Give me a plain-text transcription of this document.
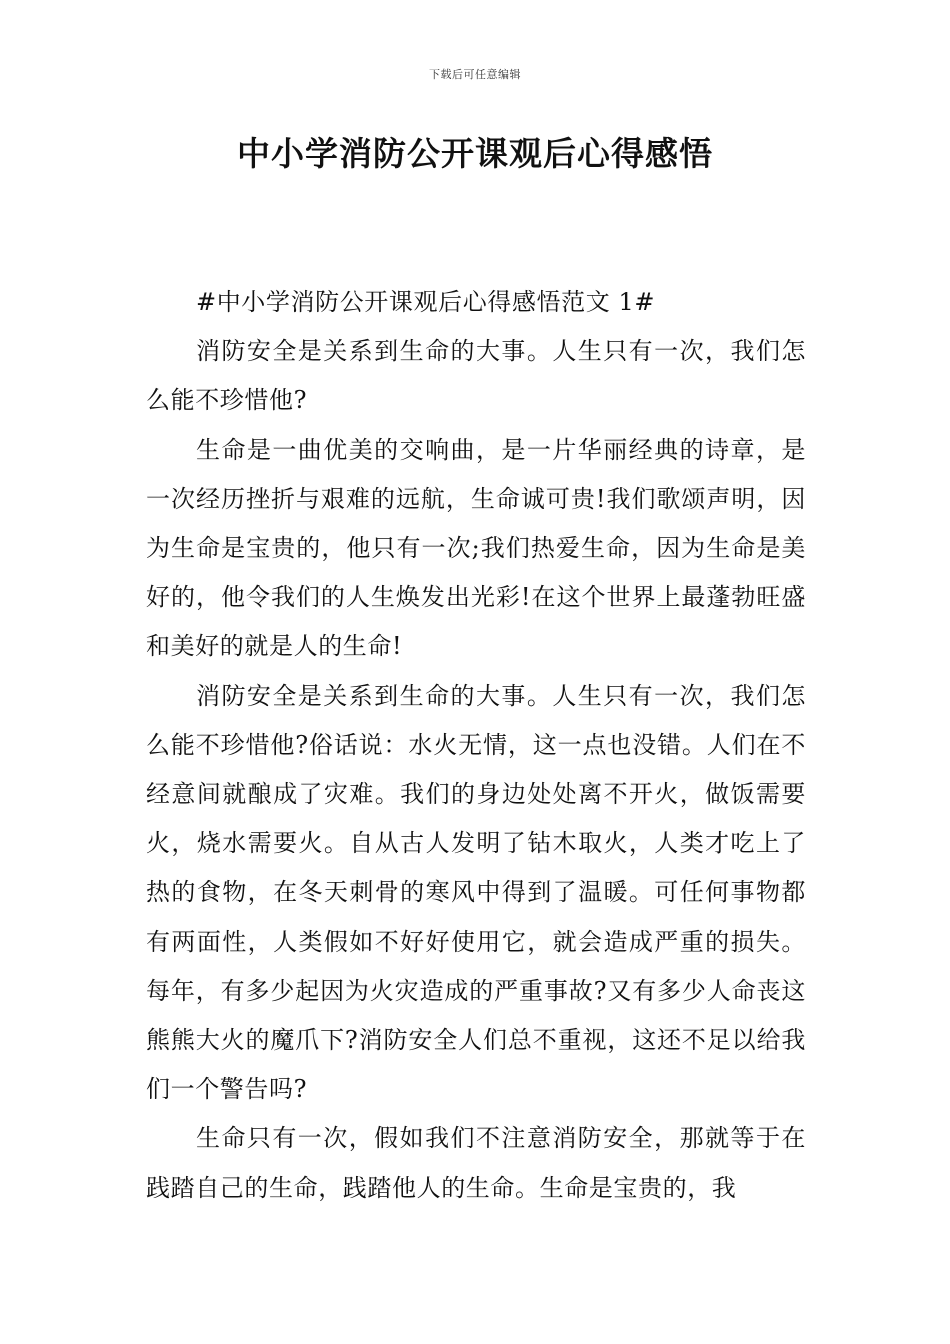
下载后可任意编辑
中小学消防公开课观后心得感悟

#中小学消防公开课观后心得感悟范文 1#

消防安全是关系到生命的大事。人生只有一次，我们怎么能不珍惜他?

生命是一曲优美的交响曲，是一片华丽经典的诗章，是一次经历挫折与艰难的远航，生命诚可贵!我们歌颂声明，因为生命是宝贵的，他只有一次;我们热爱生命，因为生命是美好的，他令我们的人生焕发出光彩!在这个世界上最蓬勃旺盛和美好的就是人的生命!

消防安全是关系到生命的大事。人生只有一次，我们怎么能不珍惜他?俗话说：水火无情，这一点也没错。人们在不经意间就酿成了灾难。我们的身边处处离不开火，做饭需要火，烧水需要火。自从古人发明了钻木取火，人类才吃上了热的食物，在冬天刺骨的寒风中得到了温暖。可任何事物都有两面性，人类假如不好好使用它，就会造成严重的损失。每年，有多少起因为火灾造成的严重事故?又有多少人命丧这熊熊大火的魔爪下?消防安全人们总不重视，这还不足以给我们一个警告吗?

生命只有一次，假如我们不注意消防安全，那就等于在践踏自己的生命，践踏他人的生命。生命是宝贵的，我
